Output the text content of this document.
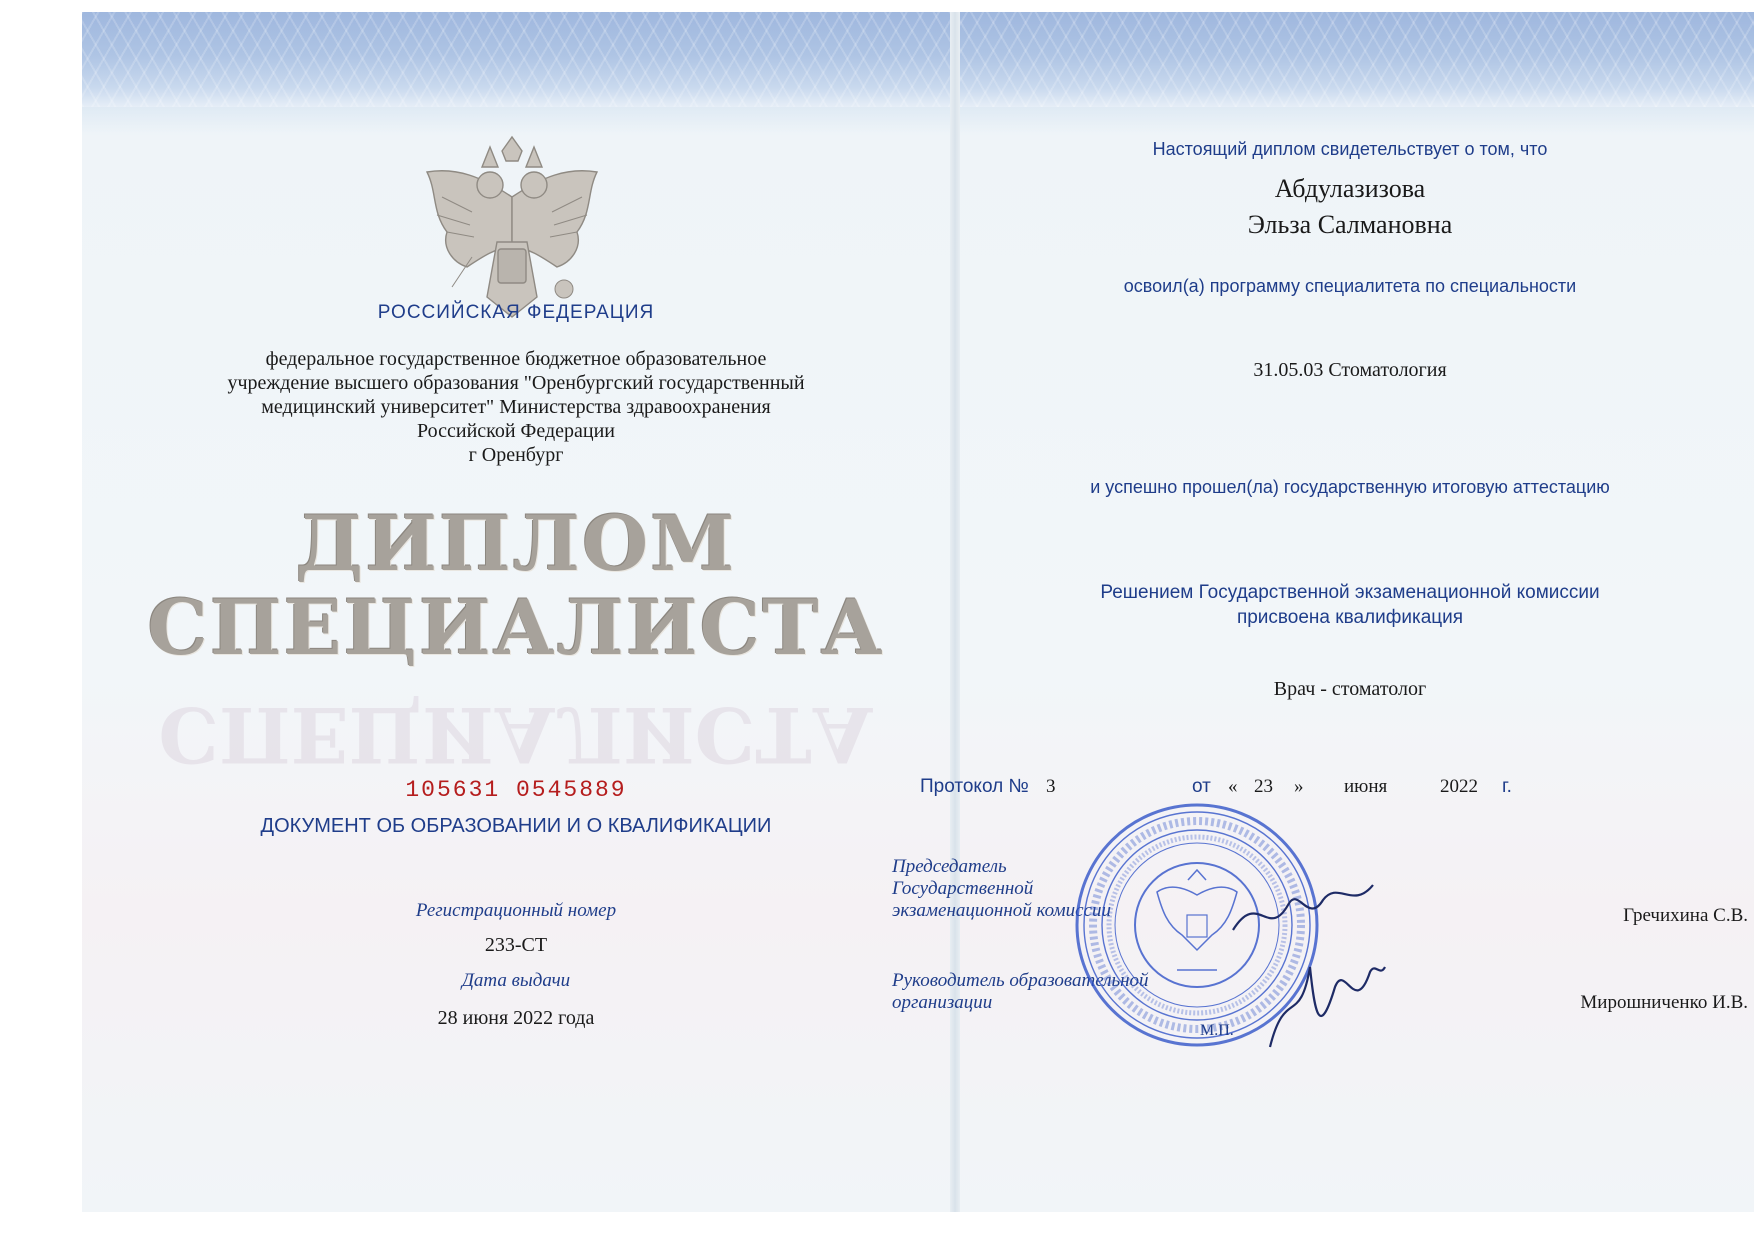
РОССИЙСКАЯ ФЕДЕРАЦИЯ
федеральное государственное бюджетное образовательное
учреждение высшего образования "Оренбургский государственный
медицинский университет" Министерства здравоохранения
Российской Федерации
г Оренбург
ДИПЛОМ
СПЕЦИАЛИСТА
СПЕЦИАЛИСТА
105631 0545889
ДОКУМЕНТ ОБ ОБРАЗОВАНИИ И О КВАЛИФИКАЦИИ
Регистрационный номер
233-СТ
Дата выдачи
28 июня 2022 года
Настоящий диплом свидетельствует о том, что
Абдулазизова
Эльза Салмановна
освоил(а) программу специалитета по специальности
31.05.03 Стоматология
и успешно прошел(ла) государственную итоговую аттестацию
Решением Государственной экзаменационной комиссии
присвоена квалификация
Врач - стоматолог
Протокол № 3	от « 23 » июня	2022 г.
Председатель
Государственной
экзаменационной комиссии
Руководитель образовательной
организации
Гречихина С.В.
Мирошниченко И.В.
М.П.
